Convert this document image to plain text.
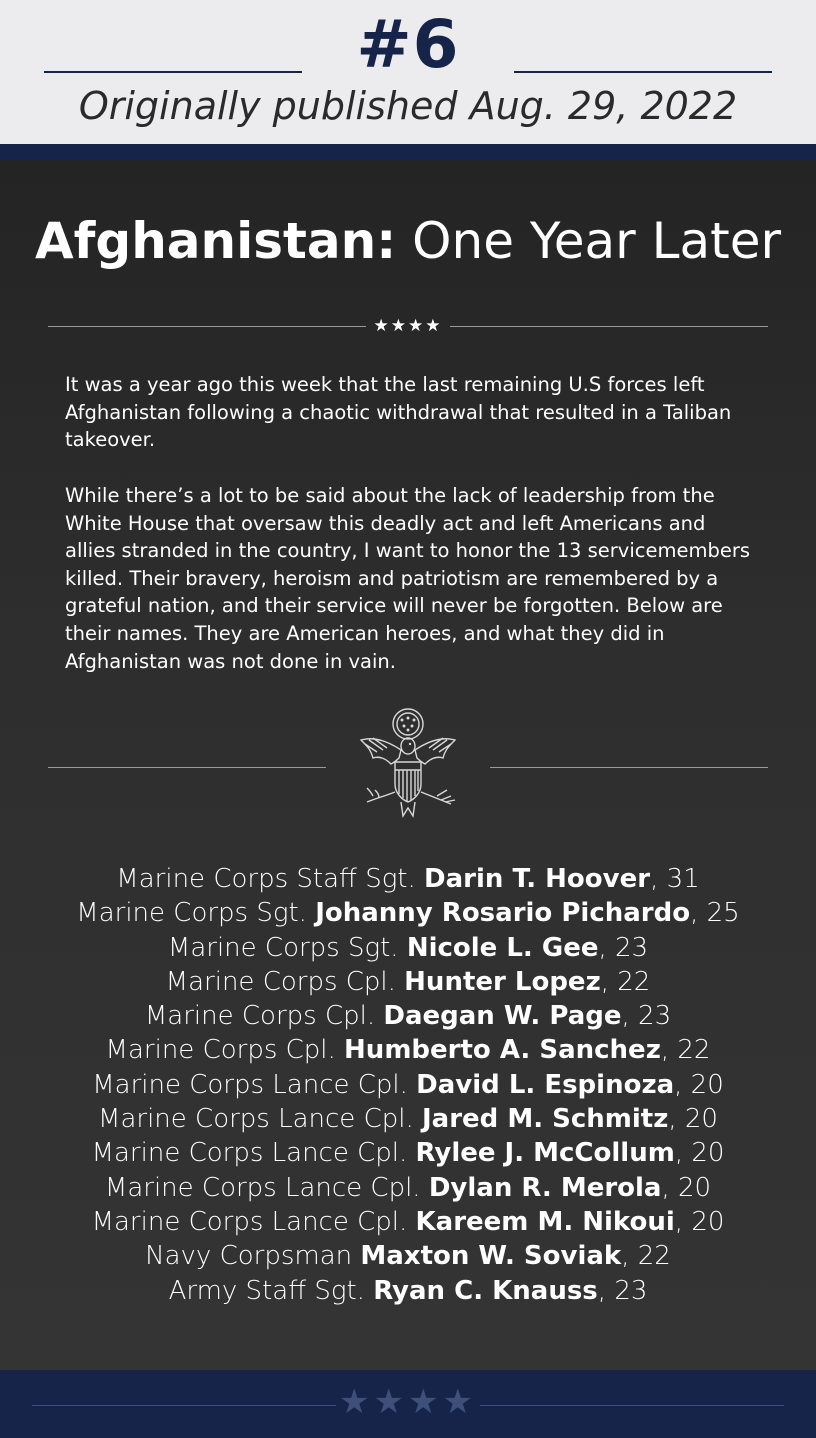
#6
Originally published Aug. 29, 2022
Afghanistan: One Year Later
★★★★
It was a year ago this week that the last remaining U.S forces left Afghanistan following a chaotic withdrawal that resulted in a Taliban takeover.
While there’s a lot to be said about the lack of leadership from the White House that oversaw this deadly act and left Americans and allies stranded in the country, I want to honor the 13 servicemembers killed. Their bravery, heroism and patriotism are remembered by a grateful nation, and their service will never be forgotten. Below are their names. They are American heroes, and what they did in Afghanistan was not done in vain.
Marine Corps Staff Sgt. Darin T. Hoover, 31
Marine Corps Sgt. Johanny Rosario Pichardo, 25
Marine Corps Sgt. Nicole L. Gee, 23
Marine Corps Cpl. Hunter Lopez, 22
Marine Corps Cpl. Daegan W. Page, 23
Marine Corps Cpl. Humberto A. Sanchez, 22
Marine Corps Lance Cpl. David L. Espinoza, 20
Marine Corps Lance Cpl. Jared M. Schmitz, 20
Marine Corps Lance Cpl. Rylee J. McCollum, 20
Marine Corps Lance Cpl. Dylan R. Merola, 20
Marine Corps Lance Cpl. Kareem M. Nikoui, 20
Navy Corpsman Maxton W. Soviak, 22
Army Staff Sgt. Ryan C. Knauss, 23
★★★★
